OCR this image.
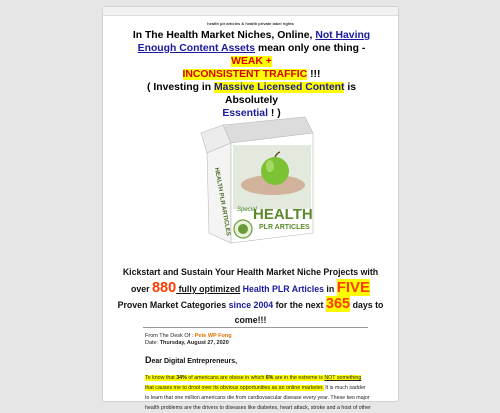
health plr articles & health private label rights
In The Health Market Niches, Online, Not Having
Enough Content Assets mean only one thing - WEAK +
INCONSISTENT TRAFFIC !!!
( Investing in Massive Licensed Content is Absolutely
Essential ! )
HEALTH PLR ARTICLES Special
HEALTH
PLR ARTICLES
Kickstart and Sustain Your Health Market Niche Projects with
over 880 fully optimized Health PLR Articles in FIVE
Proven Market Categories since 2004 for the next 365 days to
come!!!
From The Desk Of : Pete WP Fong
Date: Thursday, August 27, 2020
Dear Digital Entrepreneurs,
To know that 34% of americans are obese in which 6% are in the extreme is NOT something
that causes me to drool over its obvious opportunities as an online marketer. It is much sadder
to learn that one million americans die from cardiovascular disease every year. These two major
health problems are the drivers to diseases like diabetes, heart attack, stroke and a host of other
